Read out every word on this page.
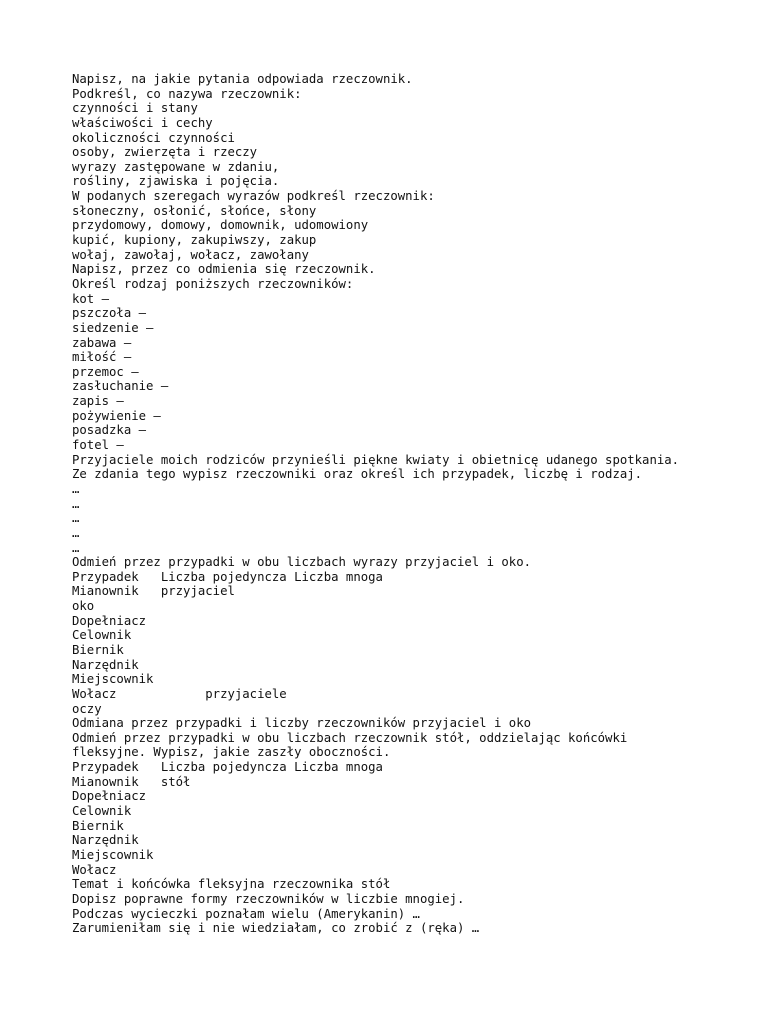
Napisz, na jakie pytania odpowiada rzeczownik.
Podkreśl, co nazywa rzeczownik:
czynności i stany
właściwości i cechy
okoliczności czynności
osoby, zwierzęta i rzeczy
wyrazy zastępowane w zdaniu,
rośliny, zjawiska i pojęcia.
W podanych szeregach wyrazów podkreśl rzeczownik:
słoneczny, osłonić, słońce, słony
przydomowy, domowy, domownik, udomowiony
kupić, kupiony, zakupiwszy, zakup
wołaj, zawołaj, wołacz, zawołany
Napisz, przez co odmienia się rzeczownik.
Określ rodzaj poniższych rzeczowników:
kot –
pszczoła –
siedzenie –
zabawa –
miłość –
przemoc –
zasłuchanie –
zapis –
pożywienie –
posadzka –
fotel –
Przyjaciele moich rodziców przynieśli piękne kwiaty i obietnicę udanego spotkania.
Ze zdania tego wypisz rzeczowniki oraz określ ich przypadek, liczbę i rodzaj.
…
…
…
…
…
Odmień przez przypadki w obu liczbach wyrazy przyjaciel i oko.
Przypadek   Liczba pojedyncza Liczba mnoga
Mianownik   przyjaciel
oko
Dopełniacz
Celownik
Biernik
Narzędnik
Miejscownik
Wołacz            przyjaciele
oczy
Odmiana przez przypadki i liczby rzeczowników przyjaciel i oko
Odmień przez przypadki w obu liczbach rzeczownik stół, oddzielając końcówki
fleksyjne. Wypisz, jakie zaszły oboczności.
Przypadek   Liczba pojedyncza Liczba mnoga
Mianownik   stół
Dopełniacz
Celownik
Biernik
Narzędnik
Miejscownik
Wołacz
Temat i końcówka fleksyjna rzeczownika stół
Dopisz poprawne formy rzeczowników w liczbie mnogiej.
Podczas wycieczki poznałam wielu (Amerykanin) …
Zarumieniłam się i nie wiedziałam, co zrobić z (ręka) …
